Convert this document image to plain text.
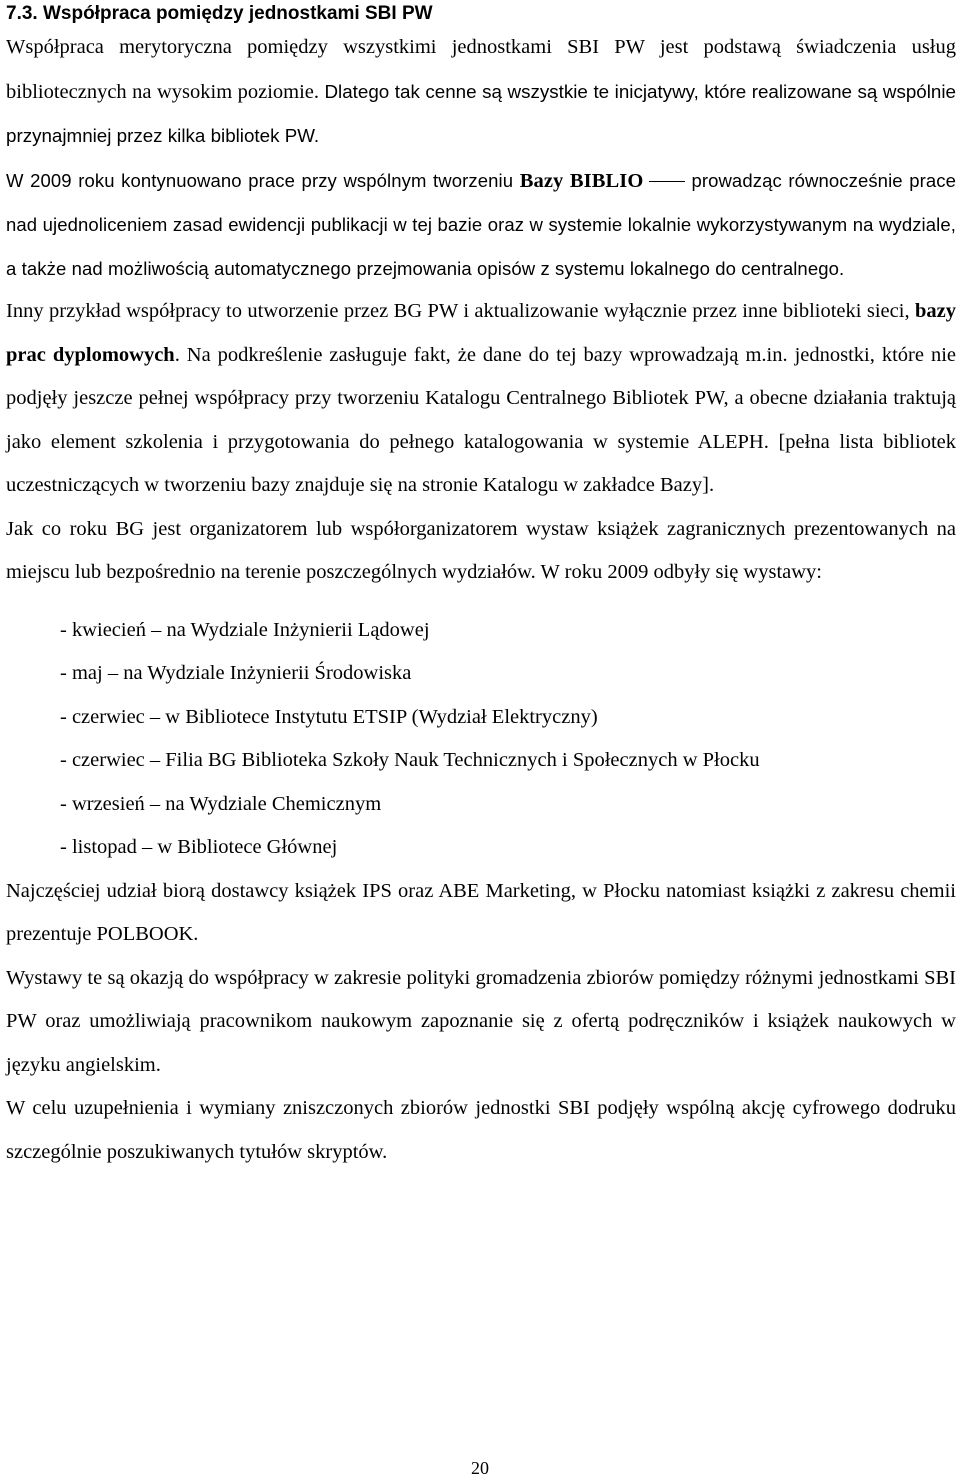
7.3. Współpraca pomiędzy jednostkami SBI PW

Współpraca merytoryczna pomiędzy wszystkimi jednostkami SBI PW jest podstawą świadczenia usług bibliotecznych na wysokim poziomie. Dlatego tak cenne są wszystkie te inicjatywy, które realizowane są wspólnie przynajmniej przez kilka bibliotek PW.

W 2009 roku kontynuowano prace przy wspólnym tworzeniu Bazy BIBLIO	prowadząc równocześnie prace nad ujednoliceniem zasad ewidencji publikacji w tej bazie oraz w systemie lokalnie wykorzystywanym na wydziale, a także nad możliwością automatycznego przejmowania opisów z systemu lokalnego do centralnego.

Inny przykład współpracy to utworzenie przez BG PW i aktualizowanie wyłącznie przez inne biblioteki sieci, bazy prac dyplomowych. Na podkreślenie zasługuje fakt, że dane do tej bazy wprowadzają m.in. jednostki, które nie podjęły jeszcze pełnej współpracy przy tworzeniu Katalogu Centralnego Bibliotek PW, a obecne działania traktują jako element szkolenia i przygotowania do pełnego katalogowania w systemie ALEPH. [pełna lista bibliotek uczestniczących w tworzeniu bazy znajduje się na stronie Katalogu w zakładce Bazy].

Jak co roku BG jest organizatorem lub współorganizatorem wystaw książek zagranicznych prezentowanych na miejscu lub bezpośrednio na terenie poszczególnych wydziałów. W roku 2009 odbyły się wystawy:

- kwiecień – na Wydziale Inżynierii Lądowej
- maj – na Wydziale Inżynierii Środowiska
- czerwiec – w Bibliotece Instytutu ETSIP (Wydział Elektryczny)
- czerwiec – Filia BG Biblioteka Szkoły Nauk Technicznych i Społecznych w Płocku
- wrzesień – na Wydziale Chemicznym
- listopad – w Bibliotece Głównej

Najczęściej udział biorą dostawcy książek IPS oraz ABE Marketing, w Płocku natomiast książki z zakresu chemii prezentuje POLBOOK.

Wystawy te są okazją do współpracy w zakresie polityki gromadzenia zbiorów pomiędzy różnymi jednostkami SBI PW oraz umożliwiają pracownikom naukowym zapoznanie się z ofertą podręczników i książek naukowych w języku angielskim.

W celu uzupełnienia i wymiany zniszczonych zbiorów jednostki SBI podjęły wspólną akcję cyfrowego dodruku szczególnie poszukiwanych tytułów skryptów.

20
